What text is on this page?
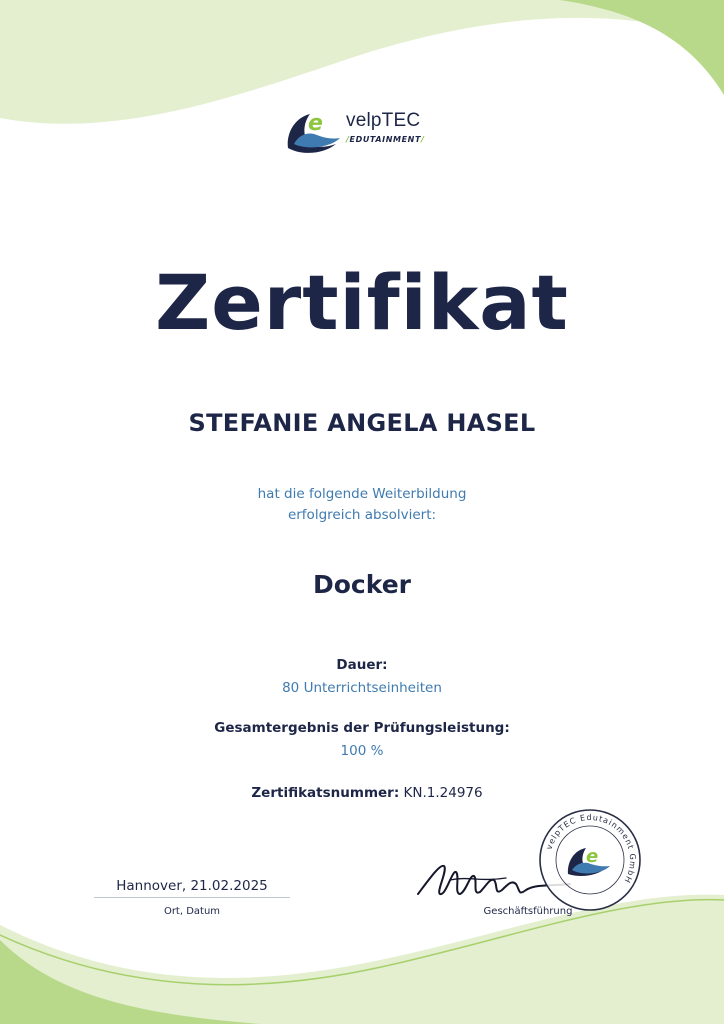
e velpTEC
/EDUTAINMENT/
Zertifikat
STEFANIE ANGELA HASEL
hat die folgende Weiterbildung
erfolgreich absolviert:
Docker
Dauer:
80 Unterrichtseinheiten
Gesamtergebnis der Prüfungsleistung:
100 %
Zertifikatsnummer: KN.1.24976
Hannover, 21.02.2025
Ort, Datum	Geschäftsführung
velpTEC Edutainment GmbH
e
